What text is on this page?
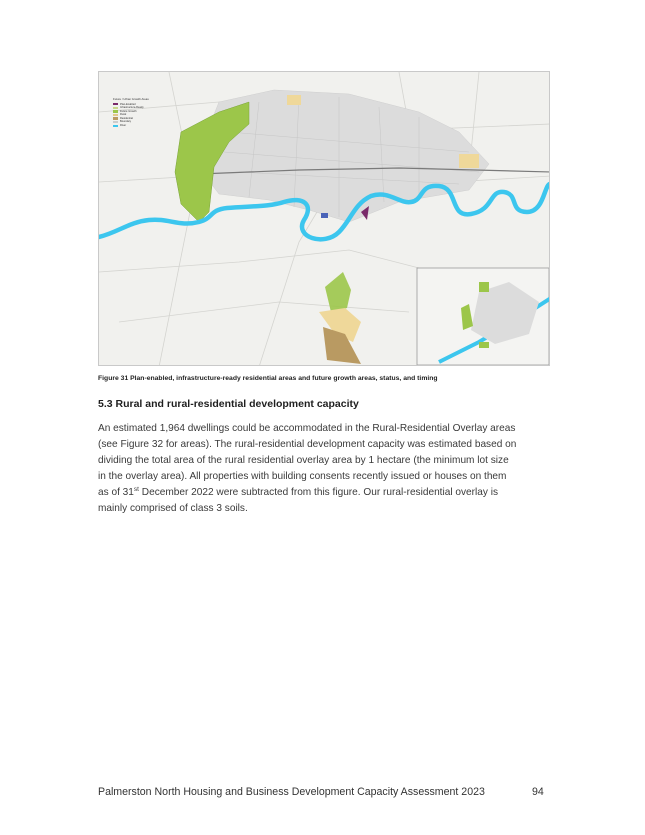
Future / Urban Growth Areas
Plan-Enabled
Infrastructure-Ready
Future Growth
Rural
Residential
Boundary
River
Figure 31 Plan-enabled, infrastructure-ready residential areas and future growth areas, status, and timing
5.3 Rural and rural-residential development capacity

An estimated 1,964 dwellings could be accommodated in the Rural-Residential Overlay areas

(see Figure 32 for areas). The rural-residential development capacity was estimated based on

dividing the total area of the rural residential overlay area by 1 hectare (the minimum lot size

in the overlay area). All properties with building consents recently issued or houses on them

as of 31st December 2022 were subtracted from this figure. Our rural-residential overlay is

mainly comprised of class 3 soils.

Palmerston North Housing and Business Development Capacity Assessment 2023	94
